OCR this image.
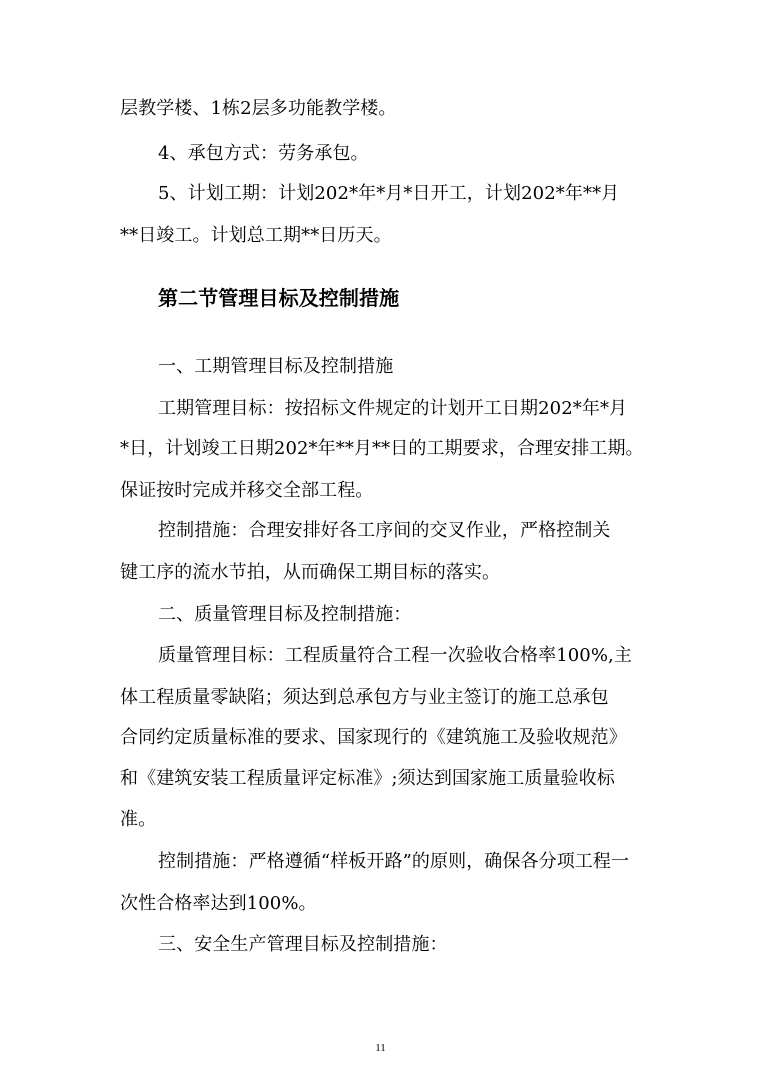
层教学楼、1栋2层多功能教学楼。
4、承包方式：劳务承包。
5、计划工期：计划202*年*月*日开工，计划202*年**月
**日竣工。计划总工期**日历天。
第二节管理目标及控制措施
一、工期管理目标及控制措施
工期管理目标：按招标文件规定的计划开工日期202*年*月
*日，计划竣工日期202*年**月**日的工期要求，合理安排工期。
保证按时完成并移交全部工程。
控制措施：合理安排好各工序间的交叉作业，严格控制关
键工序的流水节拍，从而确保工期目标的落实。
二、质量管理目标及控制措施：
质量管理目标：工程质量符合工程一次验收合格率100%,主
体工程质量零缺陷；须达到总承包方与业主签订的施工总承包
合同约定质量标准的要求、国家现行的《建筑施工及验收规范》
和《建筑安装工程质量评定标准》;须达到国家施工质量验收标
准。
控制措施：严格遵循“样板开路”的原则，确保各分项工程一
次性合格率达到100%。
三、安全生产管理目标及控制措施：
11
